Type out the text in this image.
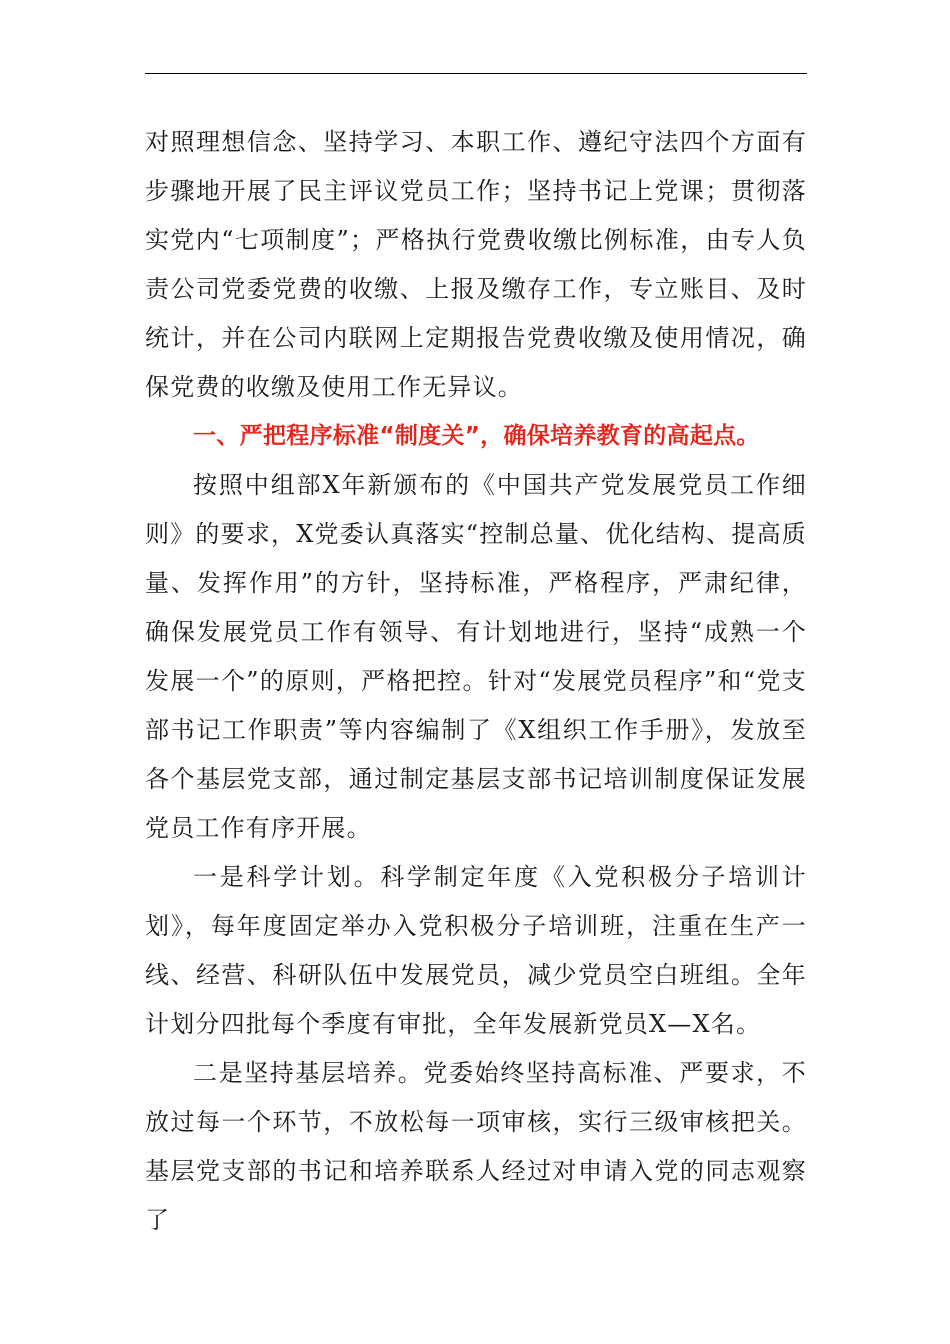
对照理想信念、坚持学习、本职工作、遵纪守法四个方面有步骤地开展了民主评议党员工作；坚持书记上党课；贯彻落实党内“七项制度”；严格执行党费收缴比例标准，由专人负责公司党委党费的收缴、上报及缴存工作，专立账目、及时统计，并在公司内联网上定期报告党费收缴及使用情况，确保党费的收缴及使用工作无异议。

一、严把程序标准“制度关”，确保培养教育的高起点。

按照中组部X年新颁布的《中国共产党发展党员工作细则》的要求，X党委认真落实“控制总量、优化结构、提高质量、发挥作用”的方针，坚持标准，严格程序，严肃纪律，确保发展党员工作有领导、有计划地进行，坚持“成熟一个发展一个”的原则，严格把控。针对“发展党员程序”和“党支部书记工作职责”等内容编制了《X组织工作手册》，发放至各个基层党支部，通过制定基层支部书记培训制度保证发展党员工作有序开展。

一是科学计划。科学制定年度《入党积极分子培训计划》，每年度固定举办入党积极分子培训班，注重在生产一线、经营、科研队伍中发展党员，减少党员空白班组。全年计划分四批每个季度有审批，全年发展新党员X—X名。

二是坚持基层培养。党委始终坚持高标准、严要求，不放过每一个环节，不放松每一项审核，实行三级审核把关。基层党支部的书记和培养联系人经过对申请入党的同志观察了
